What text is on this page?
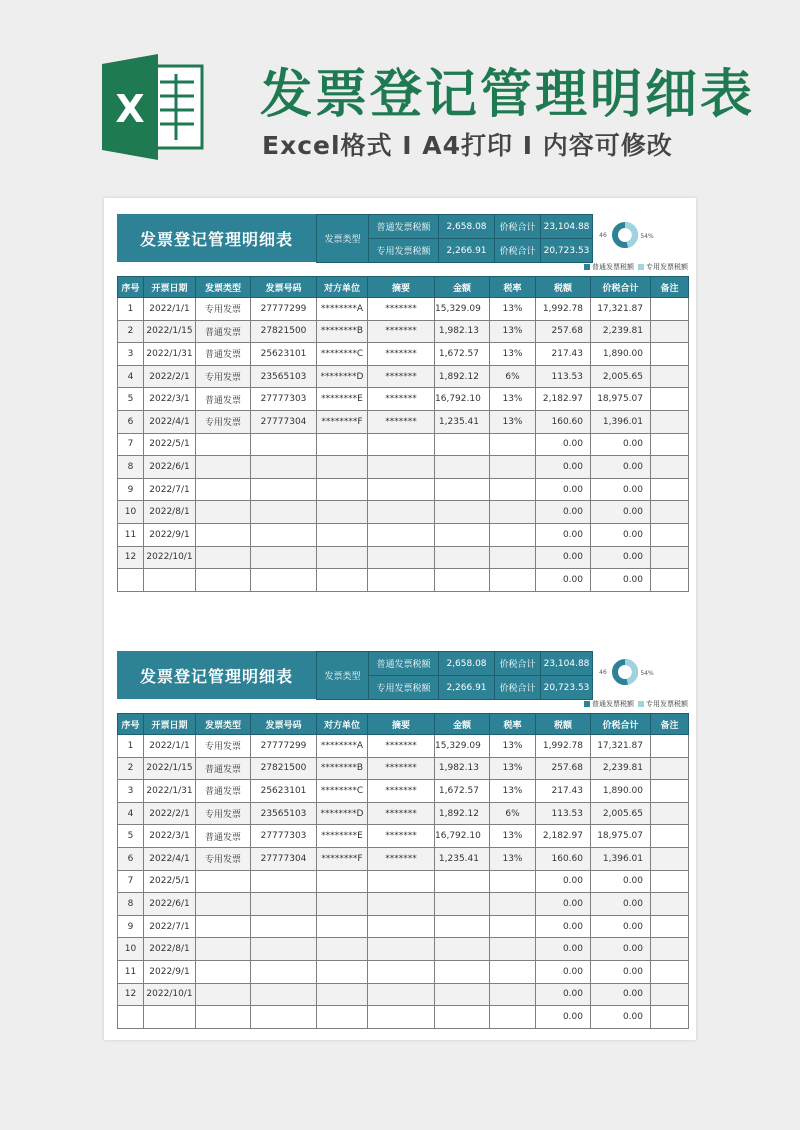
X 发票登记管理明细表
Excel格式 Ⅰ A4打印 Ⅰ 内容可修改
发票登记管理明细表	发票类型	普通发票税额	2,658.08	价税合计	23,104.88
	专用发票税额	2,266.91	价税合计	20,723.53
46	54%
普通发票税额 专用发票税额
序号	开票日期	发票类型	发票号码	对方单位	摘要	金额	税率	税额	价税合计	备注
1	2022/1/1	专用发票	27777299	********A	*******	15,329.09	13%	1,992.78	17,321.87	
2	2022/1/15	普通发票	27821500	********B	*******	1,982.13	13%	257.68	2,239.81	
3	2022/1/31	普通发票	25623101	********C	*******	1,672.57	13%	217.43	1,890.00	
4	2022/2/1	专用发票	23565103	********D	*******	1,892.12	6%	113.53	2,005.65	
5	2022/3/1	普通发票	27777303	********E	*******	16,792.10	13%	2,182.97	18,975.07	
6	2022/4/1	专用发票	27777304	********F	*******	1,235.41	13%	160.60	1,396.01	
7	2022/5/1							0.00	0.00	
8	2022/6/1							0.00	0.00	
9	2022/7/1							0.00	0.00	
10	2022/8/1							0.00	0.00	
11	2022/9/1							0.00	0.00	
12	2022/10/1							0.00	0.00	
								0.00	0.00	
发票登记管理明细表	发票类型	普通发票税额	2,658.08	价税合计	23,104.88
	专用发票税额	2,266.91	价税合计	20,723.53
46	54%
普通发票税额 专用发票税额
序号	开票日期	发票类型	发票号码	对方单位	摘要	金额	税率	税额	价税合计	备注
1	2022/1/1	专用发票	27777299	********A	*******	15,329.09	13%	1,992.78	17,321.87	
2	2022/1/15	普通发票	27821500	********B	*******	1,982.13	13%	257.68	2,239.81	
3	2022/1/31	普通发票	25623101	********C	*******	1,672.57	13%	217.43	1,890.00	
4	2022/2/1	专用发票	23565103	********D	*******	1,892.12	6%	113.53	2,005.65	
5	2022/3/1	普通发票	27777303	********E	*******	16,792.10	13%	2,182.97	18,975.07	
6	2022/4/1	专用发票	27777304	********F	*******	1,235.41	13%	160.60	1,396.01	
7	2022/5/1							0.00	0.00	
8	2022/6/1							0.00	0.00	
9	2022/7/1							0.00	0.00	
10	2022/8/1							0.00	0.00	
11	2022/9/1							0.00	0.00	
12	2022/10/1							0.00	0.00	
								0.00	0.00	
